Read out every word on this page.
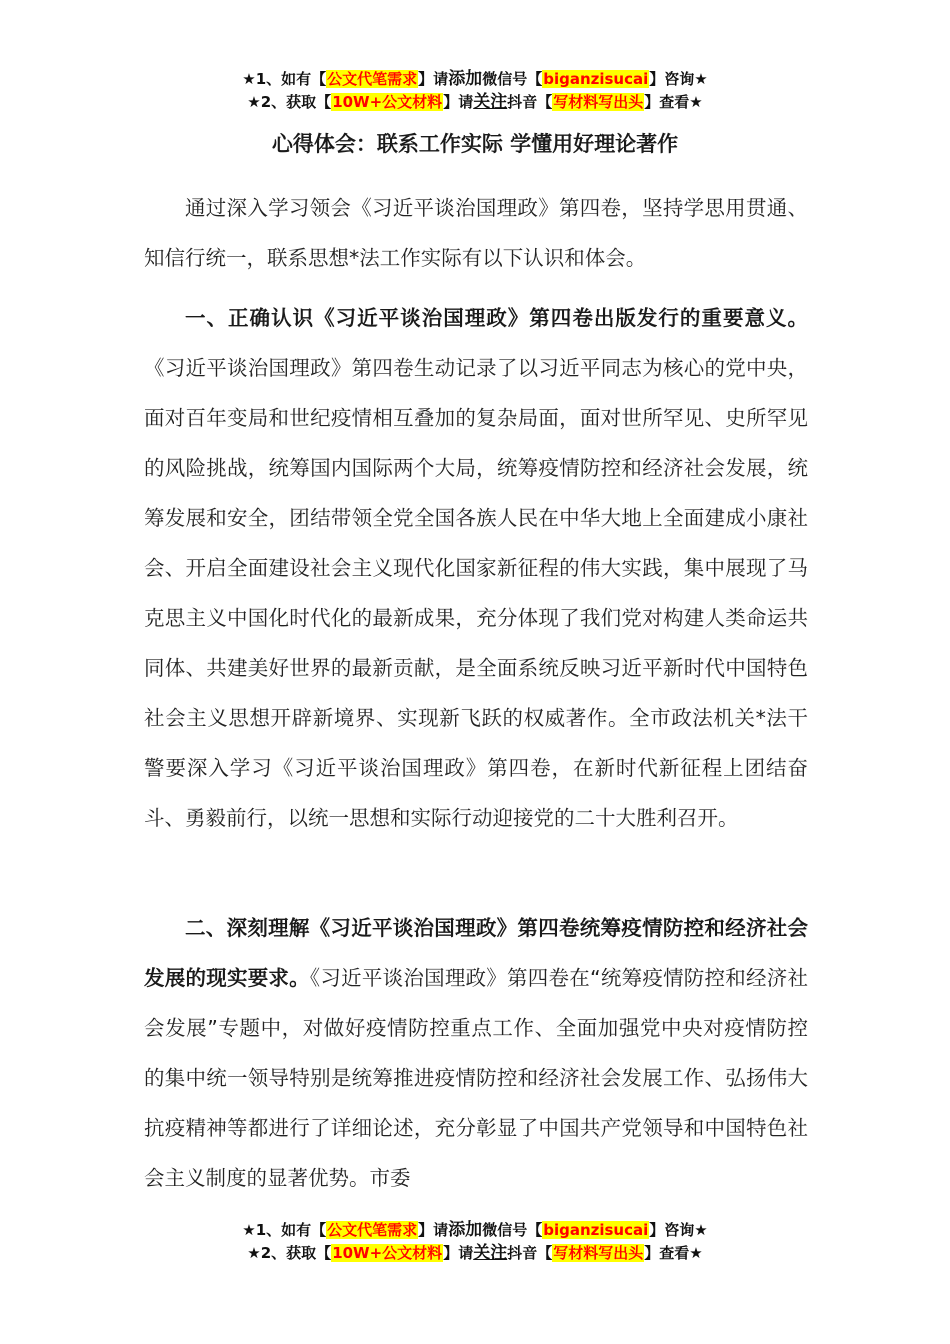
★1、如有【公文代笔需求】请添加微信号【biganzisucai】咨询★
★2、获取【10W+公文材料】请关注抖音【写材料写出头】查看★
心得体会：联系工作实际 学懂用好理论著作
通过深入学习领会《习近平谈治国理政》第四卷，坚持学思用贯通、知信行统一，联系思想*法工作实际有以下认识和体会。
一、正确认识《习近平谈治国理政》第四卷出版发行的重要意义。《习近平谈治国理政》第四卷生动记录了以习近平同志为核心的党中央，面对百年变局和世纪疫情相互叠加的复杂局面，面对世所罕见、史所罕见的风险挑战，统筹国内国际两个大局，统筹疫情防控和经济社会发展，统筹发展和安全，团结带领全党全国各族人民在中华大地上全面建成小康社会、开启全面建设社会主义现代化国家新征程的伟大实践，集中展现了马克思主义中国化时代化的最新成果，充分体现了我们党对构建人类命运共同体、共建美好世界的最新贡献，是全面系统反映习近平新时代中国特色社会主义思想开辟新境界、实现新飞跃的权威著作。全市政法机关*法干警要深入学习《习近平谈治国理政》第四卷，在新时代新征程上团结奋斗、勇毅前行，以统一思想和实际行动迎接党的二十大胜利召开。
二、深刻理解《习近平谈治国理政》第四卷统筹疫情防控和经济社会发展的现实要求。《习近平谈治国理政》第四卷在“统筹疫情防控和经济社会发展”专题中，对做好疫情防控重点工作、全面加强党中央对疫情防控的集中统一领导特别是统筹推进疫情防控和经济社会发展工作、弘扬伟大抗疫精神等都进行了详细论述，充分彰显了中国共产党领导和中国特色社会主义制度的显著优势。市委
★1、如有【公文代笔需求】请添加微信号【biganzisucai】咨询★
★2、获取【10W+公文材料】请关注抖音【写材料写出头】查看★
